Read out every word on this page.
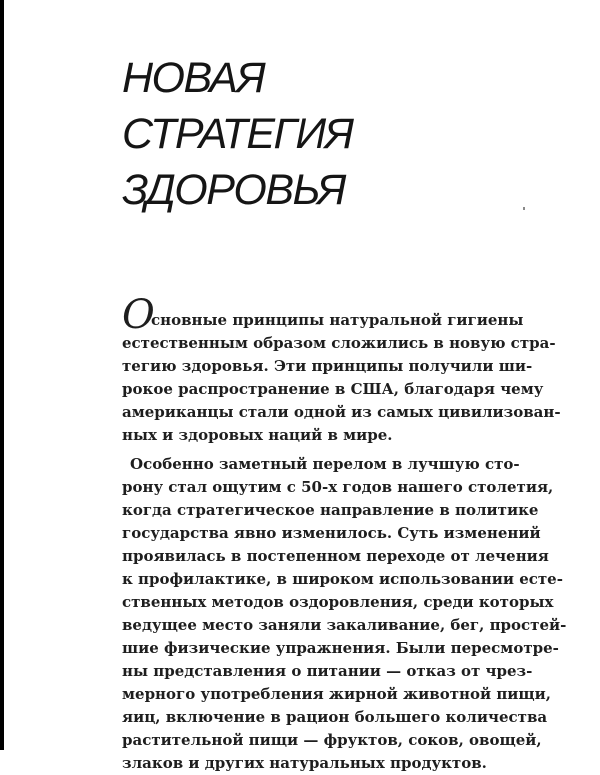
НОВАЯ
СТРАТЕГИЯ
ЗДОРОВЬЯ
О
сновные принципы натуральной гигиены
естественным образом сложились в новую стра-
тегию здоровья. Эти принципы получили ши-
рокое распространение в США, благодаря чему
американцы стали одной из самых цивилизован-
ных и здоровых наций в мире.
Особенно заметный перелом в лучшую сто-
рону стал ощутим с 50-х годов нашего столетия,
когда стратегическое направление в политике
государства явно изменилось. Суть изменений
проявилась в постепенном переходе от лечения
к профилактике, в широком использовании есте-
ственных методов оздоровления, среди которых
ведущее место заняли закаливание, бег, простей-
шие физические упражнения. Были пересмотре-
ны представления о питании — отказ от чрез-
мерного употребления жирной животной пищи,
яиц, включение в рацион большего количества
растительной пищи — фруктов, соков, овощей,
злаков и других натуральных продуктов.
